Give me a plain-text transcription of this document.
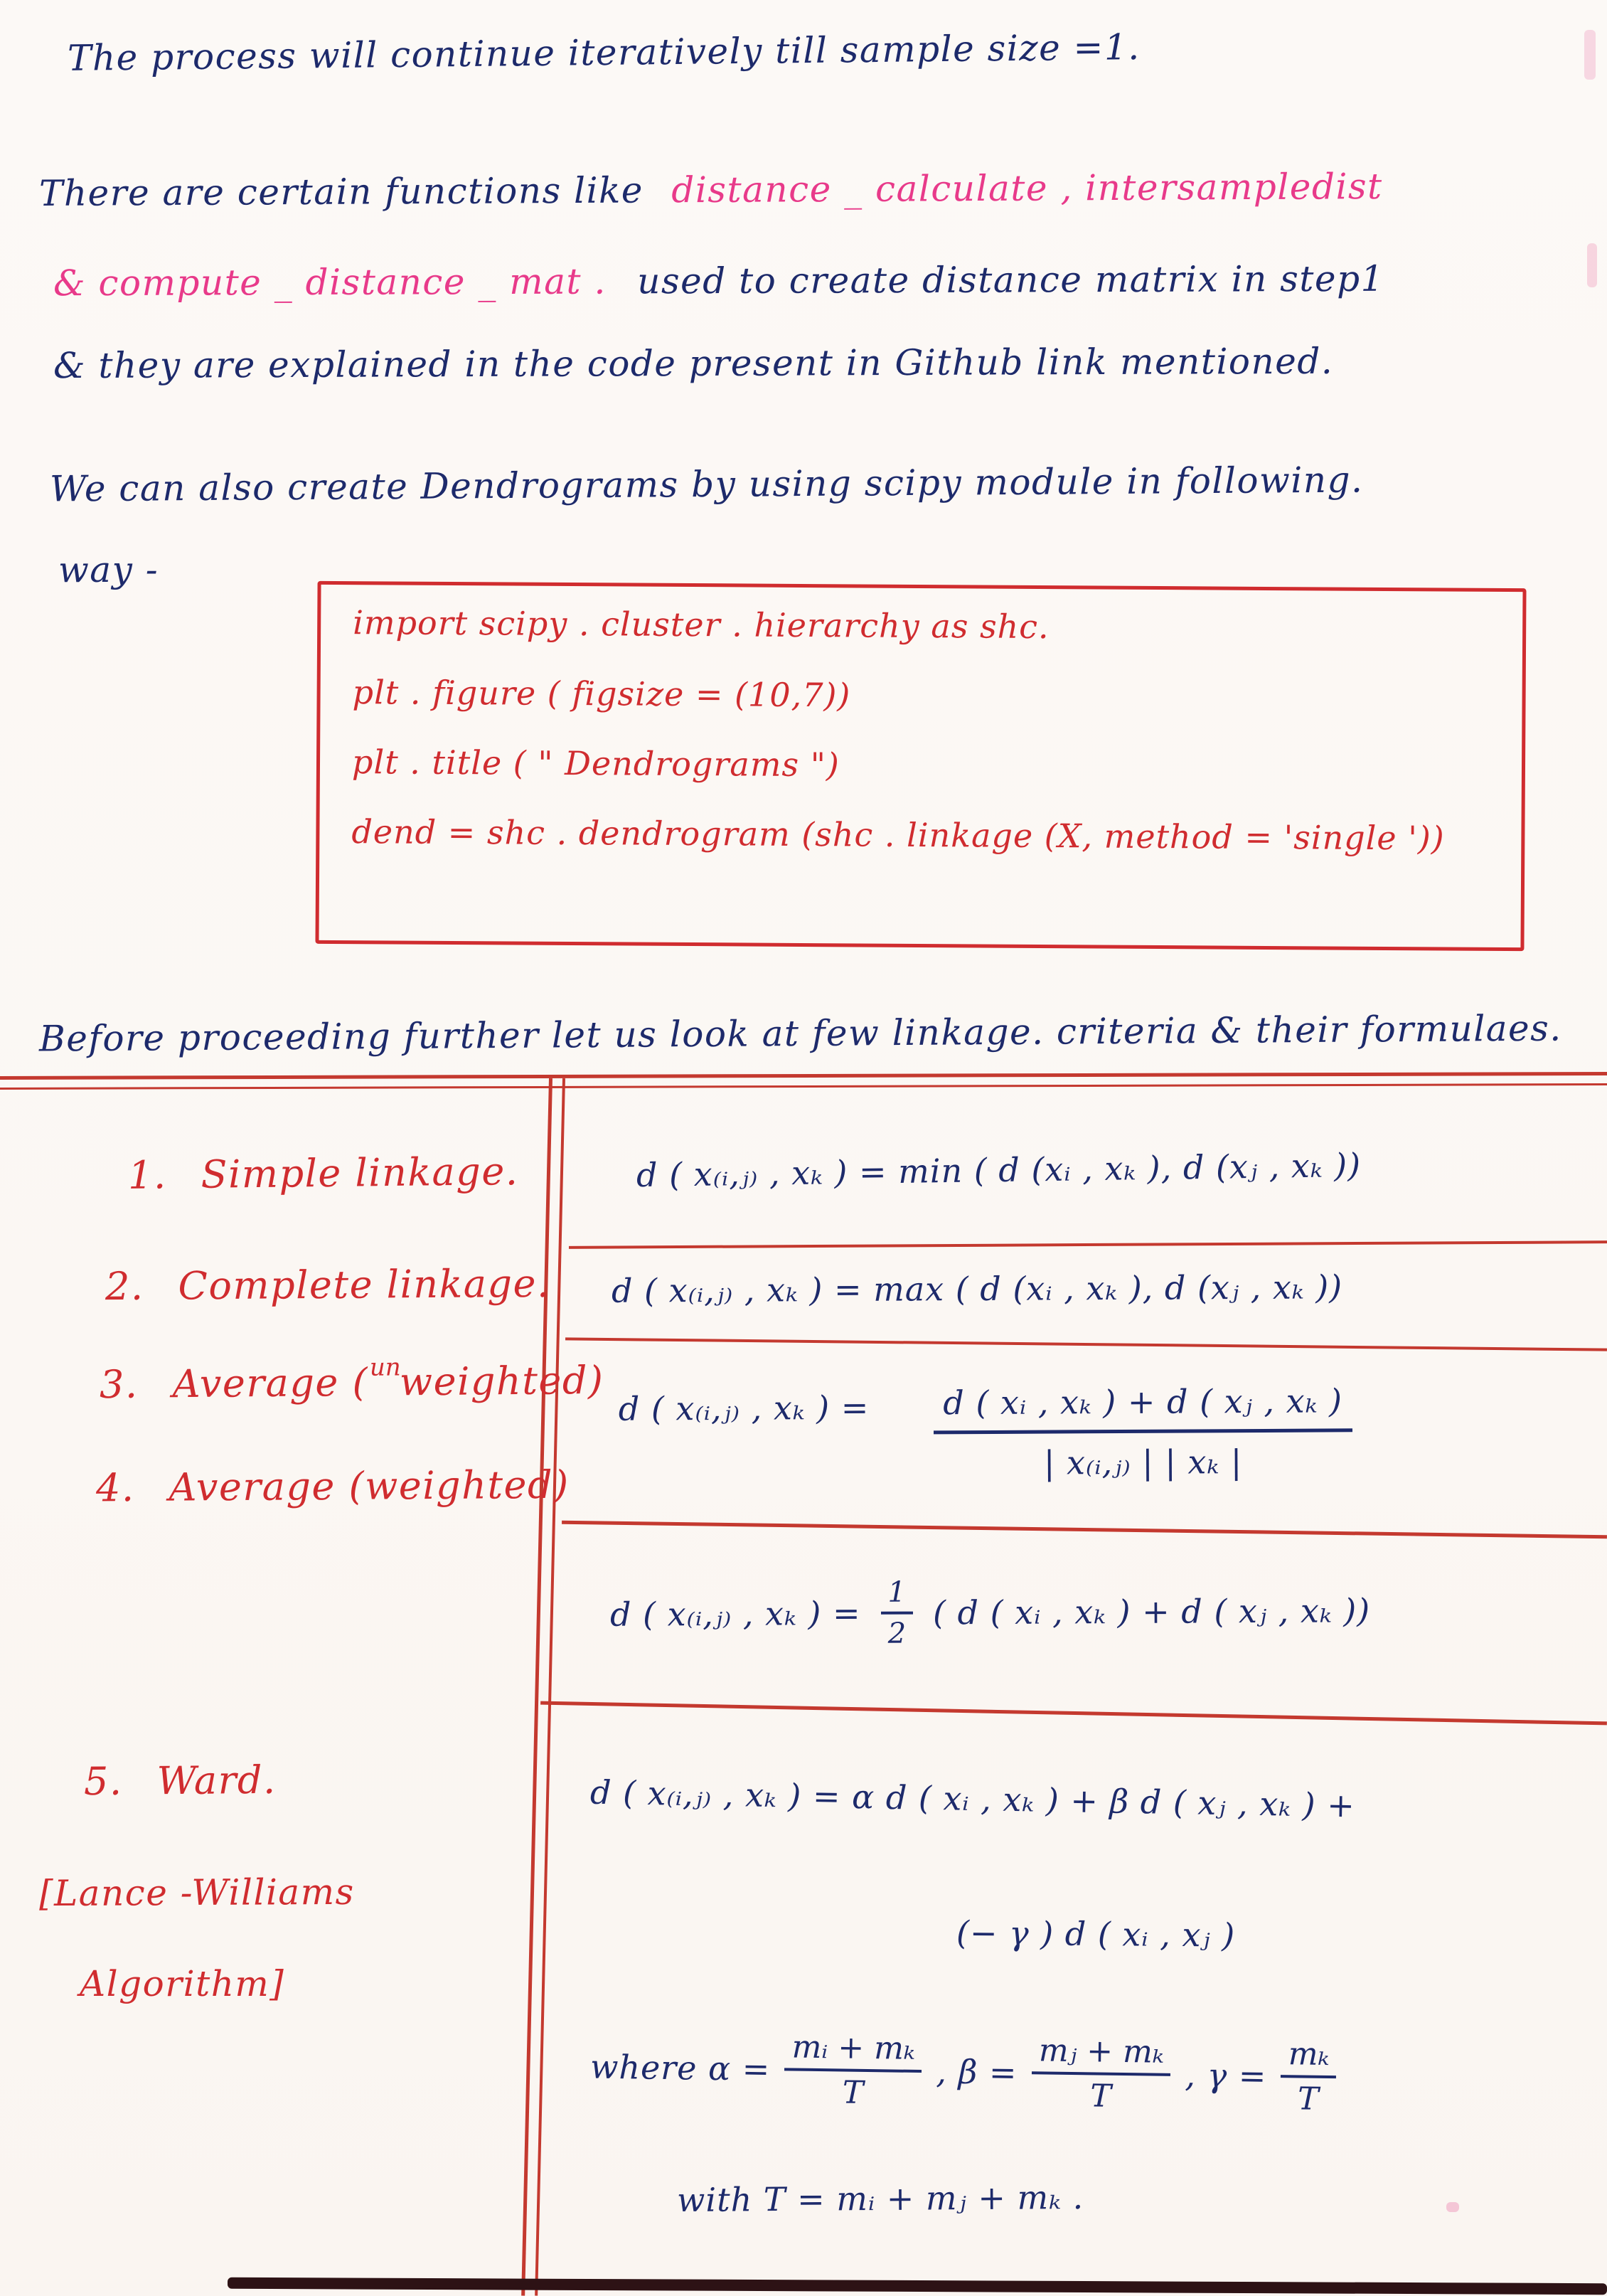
The process will continue iteratively till sample size =1.
There are certain functions like distance _ calculate , intersampledist
& compute _ distance _ mat . used to create distance matrix in step1
& they are explained in the code present in Github link mentioned.
We can also create Dendrograms by using scipy module in following.
way -
import scipy . cluster . hierarchy as shc.
plt . figure ( figsize = (10,7))
plt . title ( " Dendrograms ")
dend = shc . dendrogram (shc . linkage (X, method = 'single '))
Before proceeding further let us look at few linkage. criteria & their formulaes.
1. Simple linkage.
2. Complete linkage.
3. Average ($^{un}$weighted)
4. Average (weighted)
5. Ward.
[Lance -Williams
Algorithm]
d ( x₍ᵢ,ⱼ₎ , xₖ ) = min ( d (xᵢ , xₖ ), d (xⱼ , xₖ ))
d ( x₍ᵢ,ⱼ₎ , xₖ ) = max ( d (xᵢ , xₖ ), d (xⱼ , xₖ ))
d ( x₍ᵢ,ⱼ₎ , xₖ ) = $\frac{\text{d ( xᵢ , xₖ ) + d ( xⱼ , xₖ )}}{\text{| x₍ᵢ,ⱼ₎ | | xₖ |}}$
d ( x₍ᵢ,ⱼ₎ , xₖ ) = $\frac{1}{2}$ ( d ( xᵢ , xₖ ) + d ( xⱼ , xₖ ))
d ( x₍ᵢ,ⱼ₎ , xₖ ) = α d ( xᵢ , xₖ ) + β d ( xⱼ , xₖ ) +
(− γ ) d ( xᵢ , xⱼ )
where $\alpha = \frac{\text{mᵢ + mₖ}}{T}$ , $\beta = \frac{\text{mⱼ + mₖ}}{T}$ , $\gamma = \frac{\text{mₖ}}{T}$
with T = mᵢ + mⱼ + mₖ .
